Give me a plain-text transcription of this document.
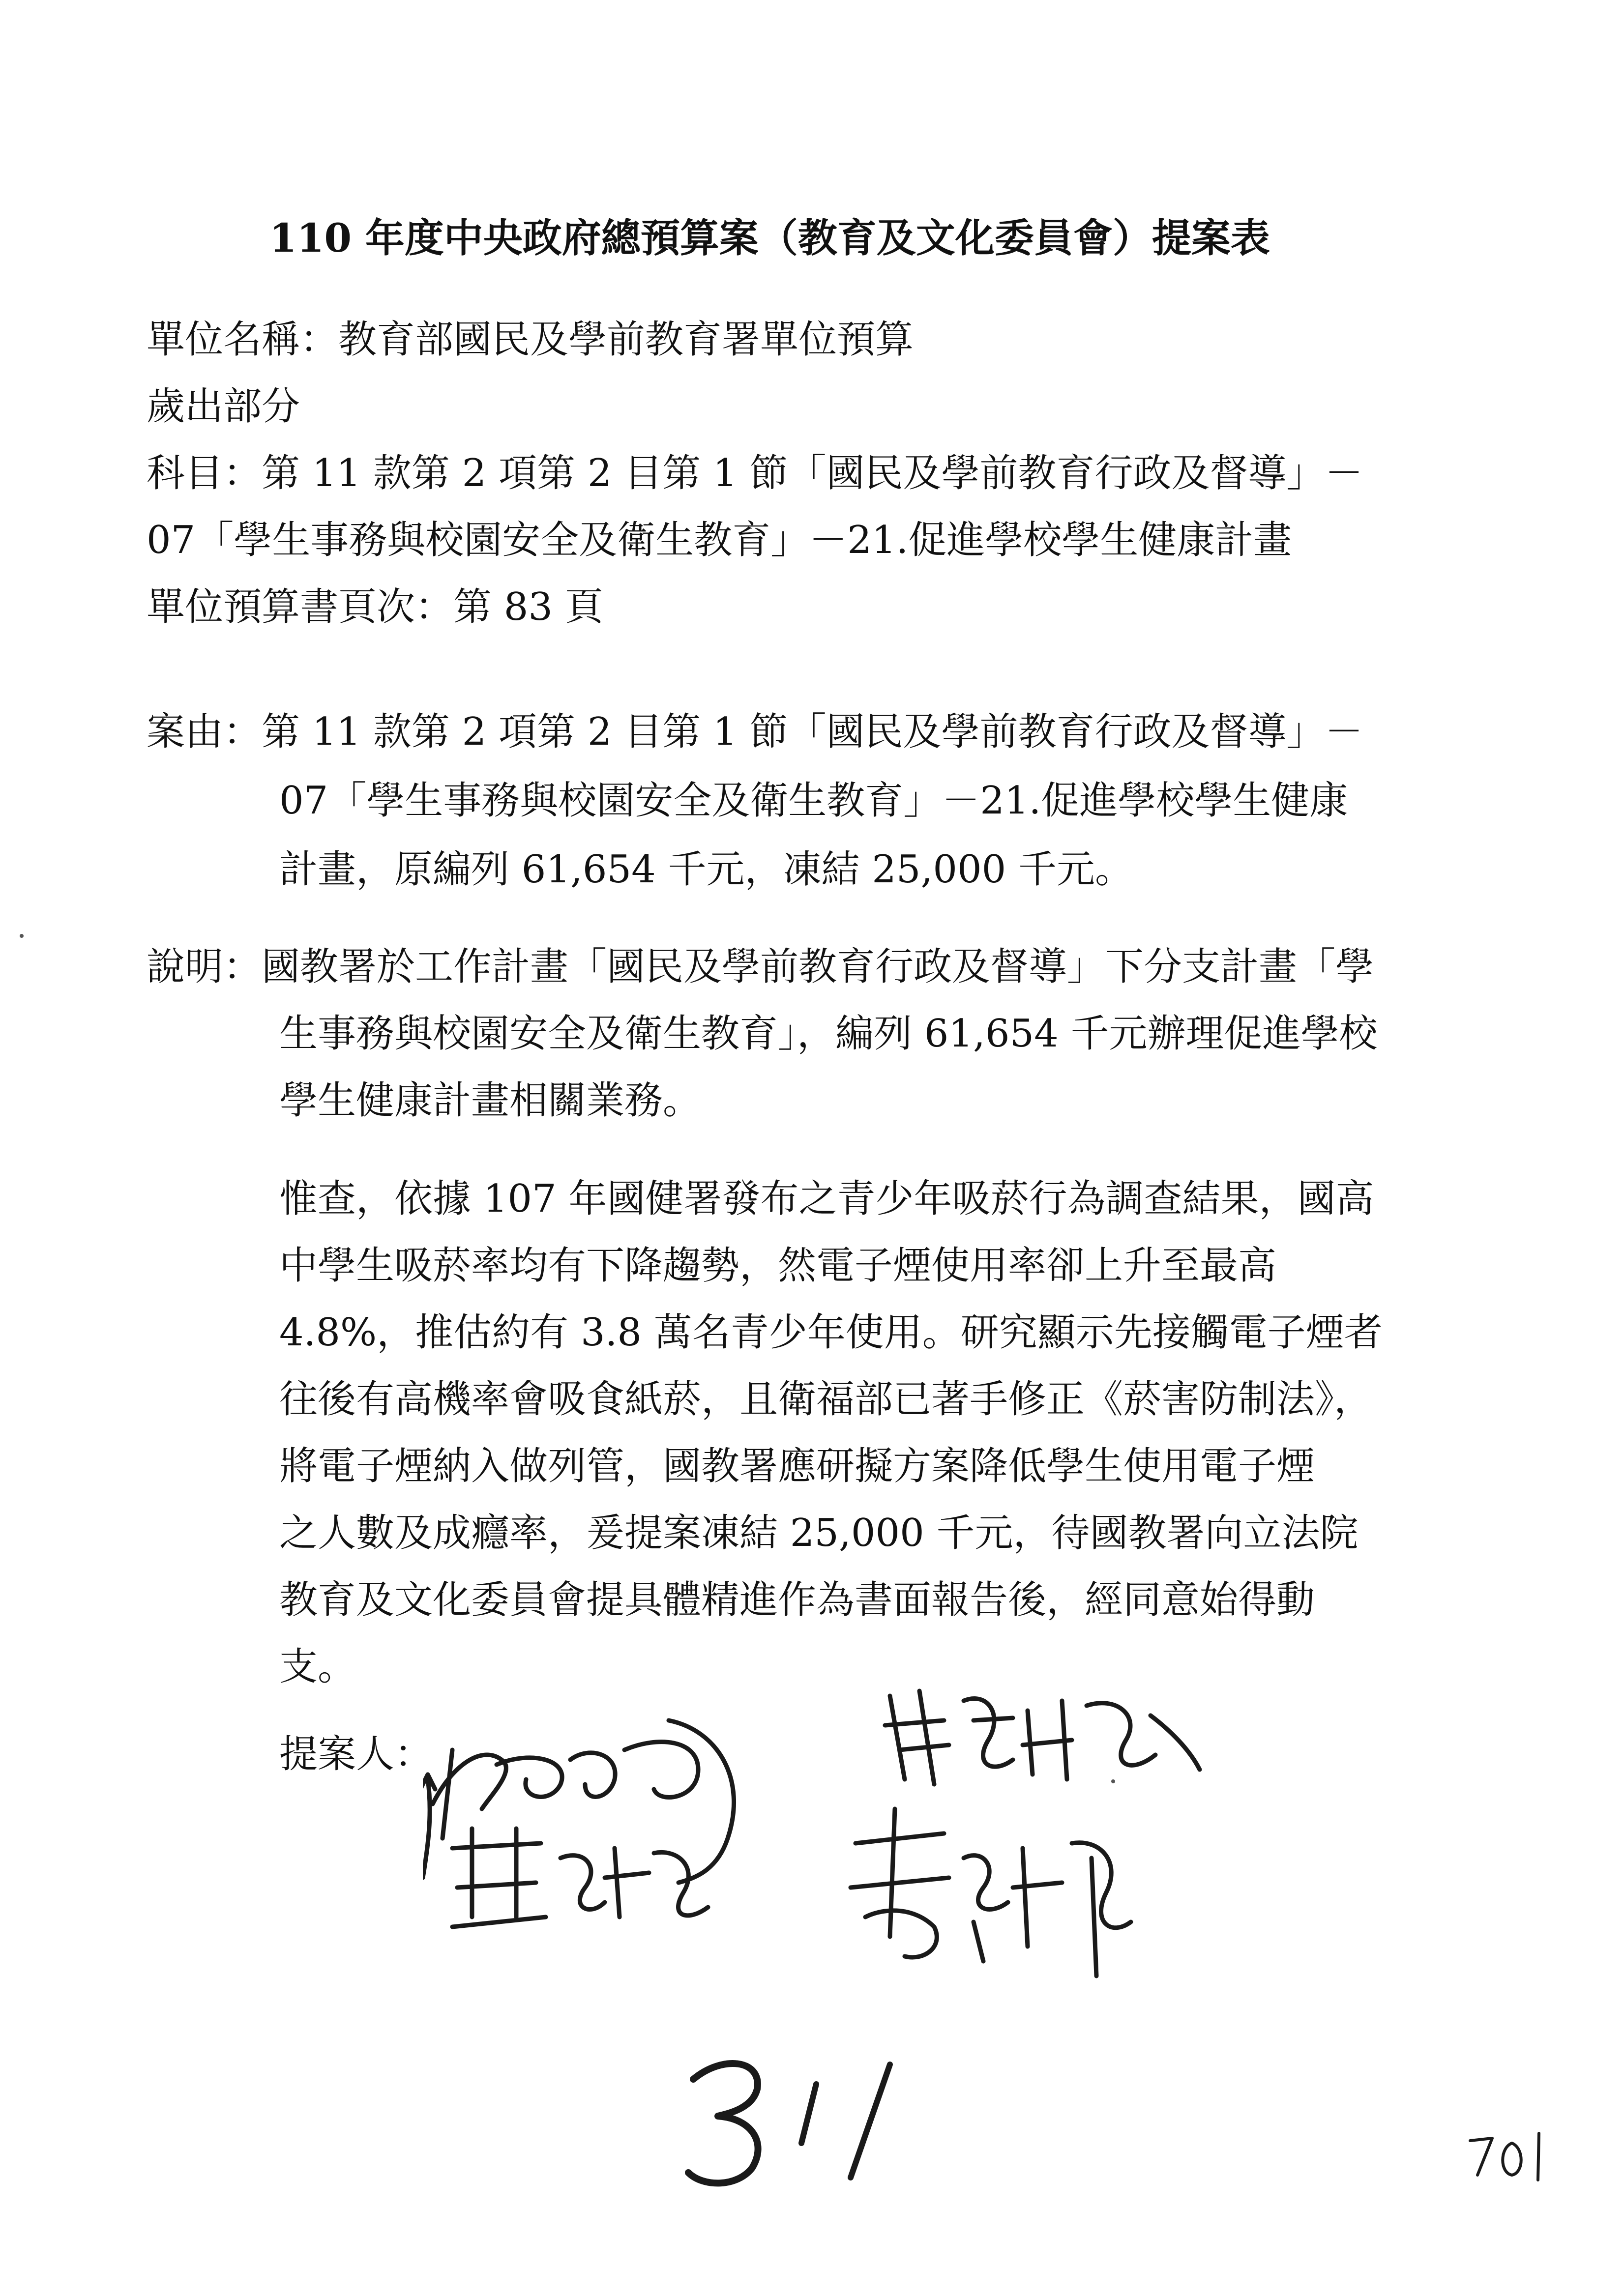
110 年度中央政府總預算案（教育及文化委員會）提案表
單位名稱：教育部國民及學前教育署單位預算
歲出部分
科目：第 11 款第 2 項第 2 目第 1 節「國民及學前教育行政及督導」－
07「學生事務與校園安全及衛生教育」－21.促進學校學生健康計畫
單位預算書頁次：第 83 頁
案由：第 11 款第 2 項第 2 目第 1 節「國民及學前教育行政及督導」－
07「學生事務與校園安全及衛生教育」－21.促進學校學生健康
計畫，原編列 61,654 千元，凍結 25,000 千元。
說明：國教署於工作計畫「國民及學前教育行政及督導」下分支計畫「學
生事務與校園安全及衛生教育」，編列 61,654 千元辦理促進學校
學生健康計畫相關業務。
惟查，依據 107 年國健署發布之青少年吸菸行為調查結果，國高
中學生吸菸率均有下降趨勢，然電子煙使用率卻上升至最高
4.8%，推估約有 3.8 萬名青少年使用。研究顯示先接觸電子煙者
往後有高機率會吸食紙菸，且衛福部已著手修正《菸害防制法》，
將電子煙納入做列管，國教署應研擬方案降低學生使用電子煙
之人數及成癮率，爰提案凍結 25,000 千元，待國教署向立法院
教育及文化委員會提具體精進作為書面報告後，經同意始得動
支。
提案人：
